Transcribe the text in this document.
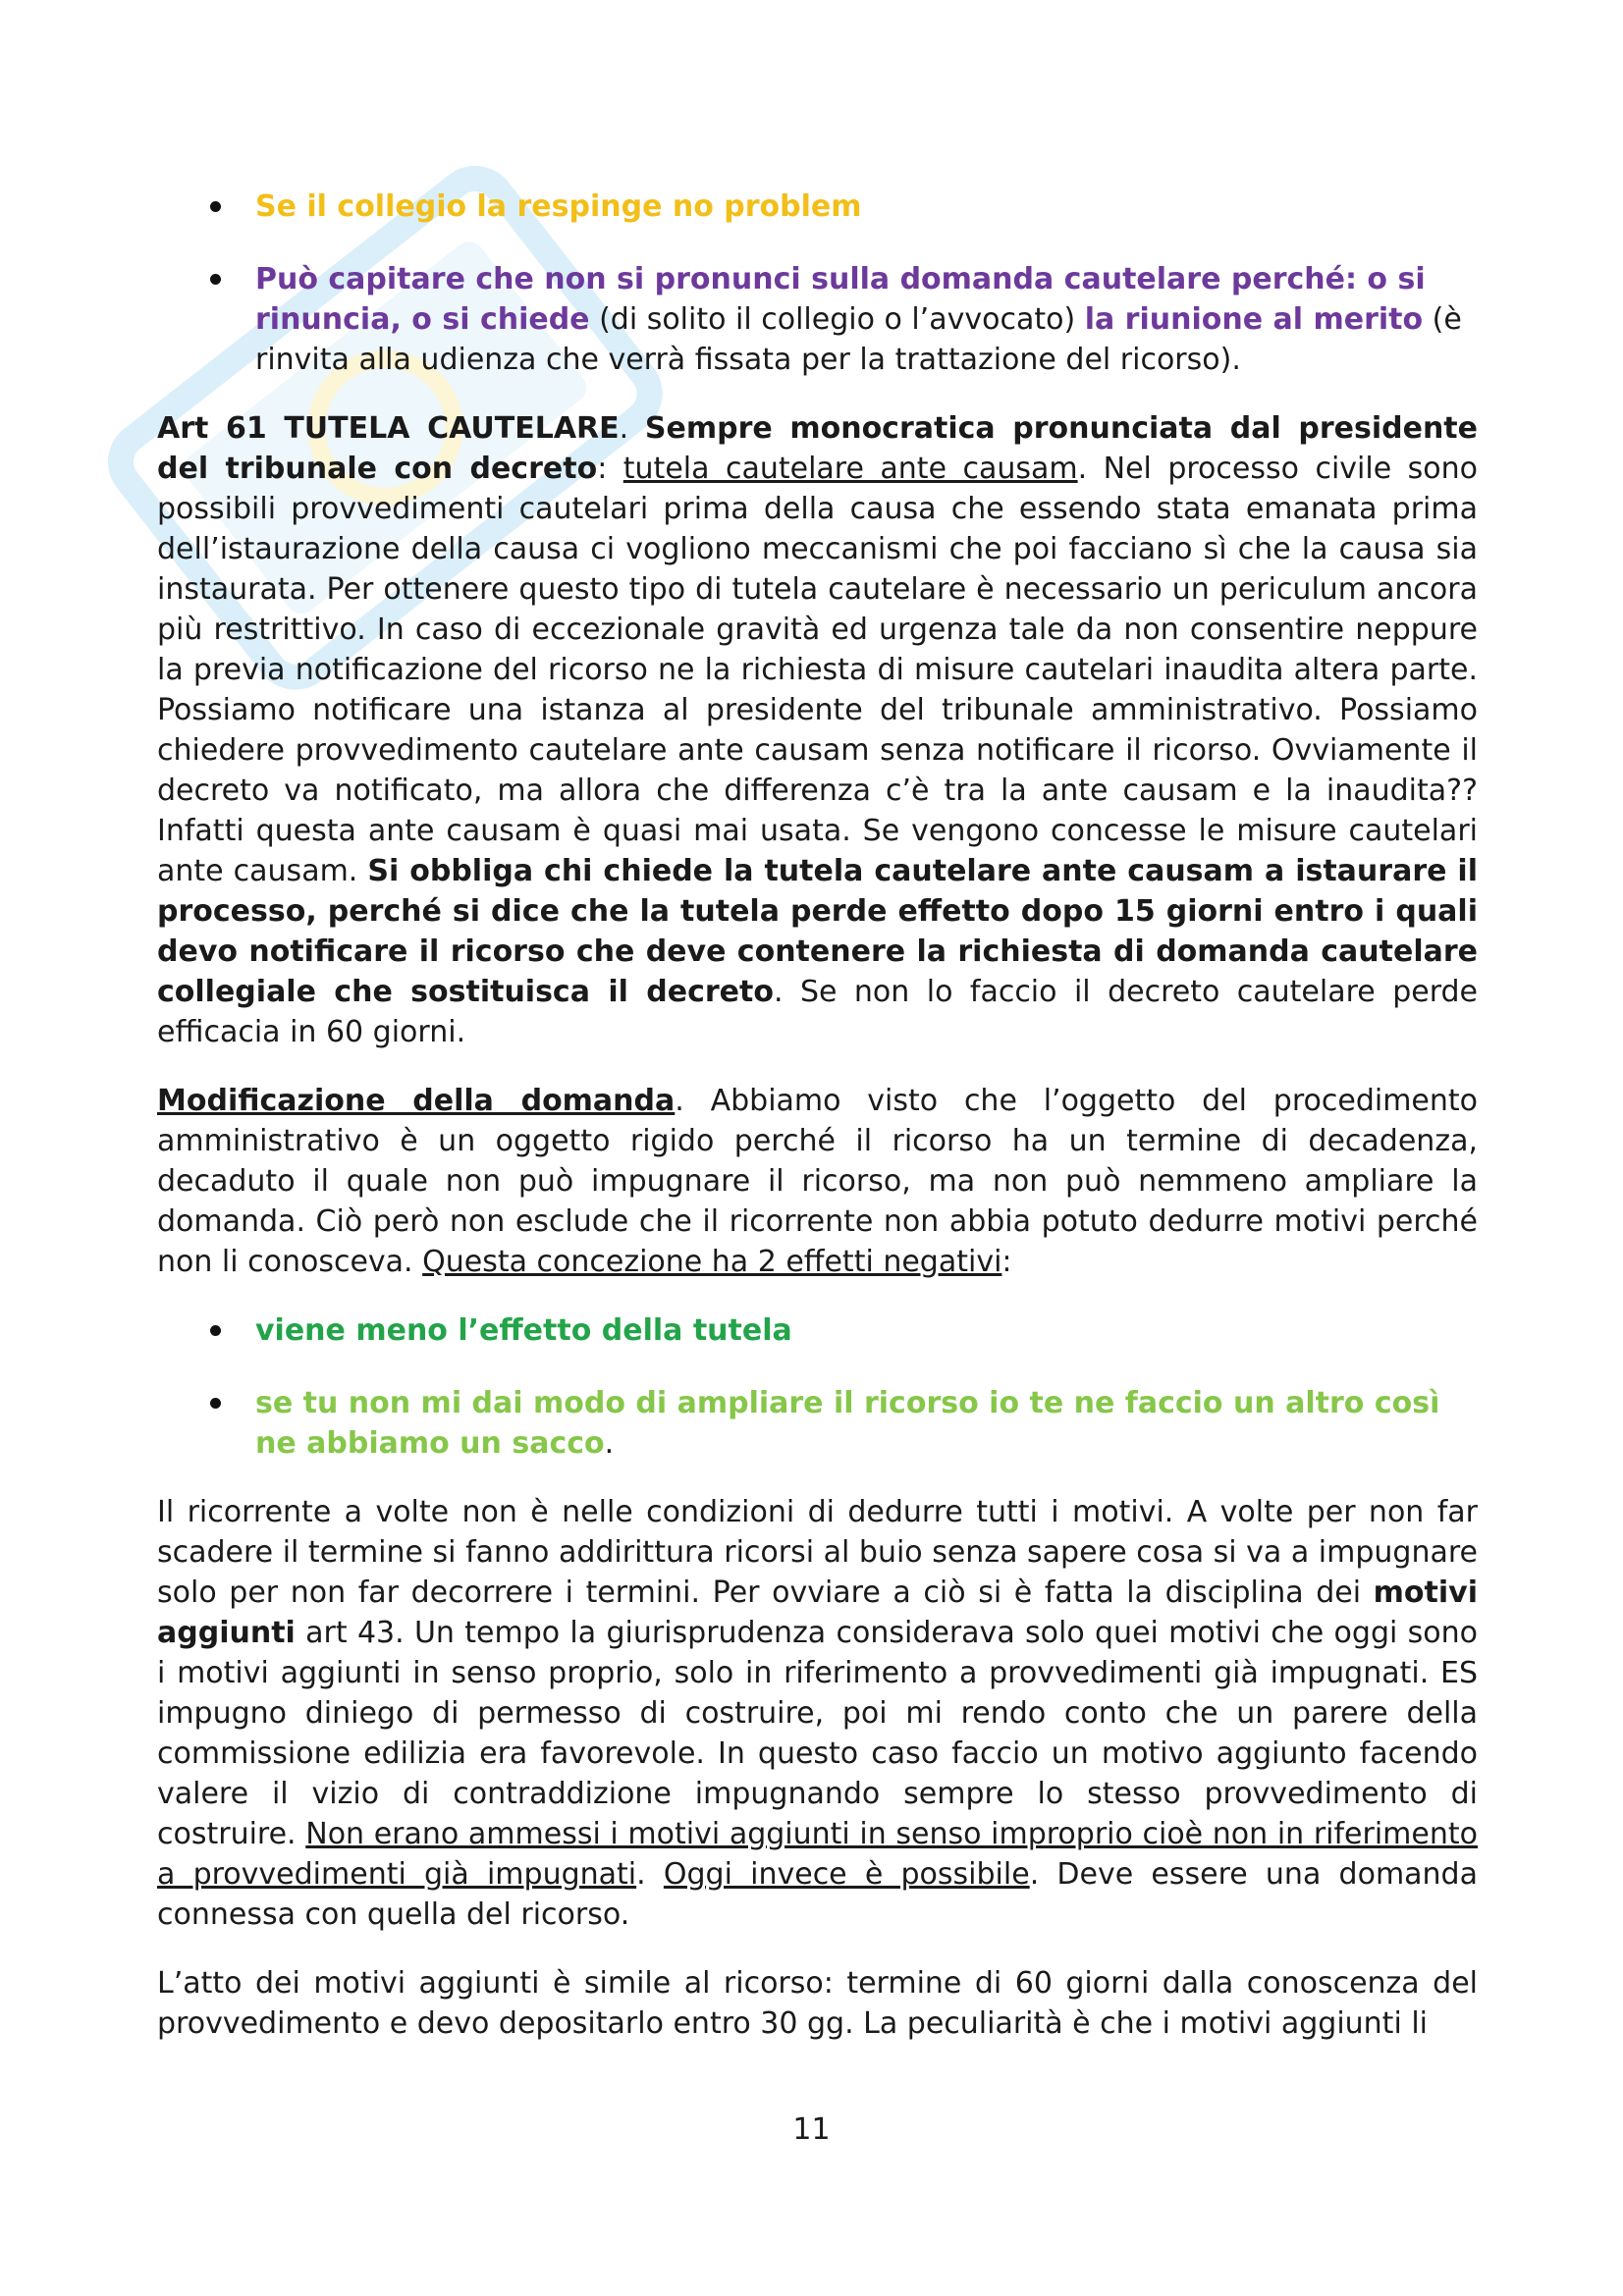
Se il collegio la respinge no problem
Può capitare che non si pronunci sulla domanda cautelare perché: o si rinuncia, o si chiede (di solito il collegio o l’avvocato) la riunione al merito (è rinvita alla udienza che verrà fissata per la trattazione del ricorso).

Art 61 TUTELA CAUTELARE. Sempre monocratica pronunciata dal presidente del tribunale con decreto: tutela cautelare ante causam. Nel processo civile sono possibili provvedimenti cautelari prima della causa che essendo stata emanata prima dell’istaurazione della causa ci vogliono meccanismi che poi facciano sì che la causa sia instaurata. Per ottenere questo tipo di tutela cautelare è necessario un periculum ancora più restrittivo. In caso di eccezionale gravità ed urgenza tale da non consentire neppure la previa notificazione del ricorso ne la richiesta di misure cautelari inaudita altera parte. Possiamo notificare una istanza al presidente del tribunale amministrativo. Possiamo chiedere provvedimento cautelare ante causam senza notificare il ricorso. Ovviamente il decreto va notificato, ma allora che differenza c’è tra la ante causam e la inaudita?? Infatti questa ante causam è quasi mai usata. Se vengono concesse le misure cautelari ante causam. Si obbliga chi chiede la tutela cautelare ante causam a istaurare il processo, perché si dice che la tutela perde effetto dopo 15 giorni entro i quali devo notificare il ricorso che deve contenere la richiesta di domanda cautelare collegiale che sostituisca il decreto. Se non lo faccio il decreto cautelare perde efficacia in 60 giorni.

Modificazione della domanda. Abbiamo visto che l’oggetto del procedimento amministrativo è un oggetto rigido perché il ricorso ha un termine di decadenza, decaduto il quale non può impugnare il ricorso, ma non può nemmeno ampliare la domanda. Ciò però non esclude che il ricorrente non abbia potuto dedurre motivi perché non li conosceva. Questa concezione ha 2 effetti negativi:

viene meno l’effetto della tutela
se tu non mi dai modo di ampliare il ricorso io te ne faccio un altro così ne abbiamo un sacco.

Il ricorrente a volte non è nelle condizioni di dedurre tutti i motivi. A volte per non far scadere il termine si fanno addirittura ricorsi al buio senza sapere cosa si va a impugnare solo per non far decorrere i termini. Per ovviare a ciò si è fatta la disciplina dei motivi aggiunti art 43. Un tempo la giurisprudenza considerava solo quei motivi che oggi sono i motivi aggiunti in senso proprio, solo in riferimento a provvedimenti già impugnati. ES impugno diniego di permesso di costruire, poi mi rendo conto che un parere della commissione edilizia era favorevole. In questo caso faccio un motivo aggiunto facendo valere il vizio di contraddizione impugnando sempre lo stesso provvedimento di costruire. Non erano ammessi i motivi aggiunti in senso improprio cioè non in riferimento a provvedimenti già impugnati. Oggi invece è possibile. Deve essere una domanda connessa con quella del ricorso.

L’atto dei motivi aggiunti è simile al ricorso: termine di 60 giorni dalla conoscenza del provvedimento e devo depositarlo entro 30 gg. La peculiarità è che i motivi aggiunti li

11
